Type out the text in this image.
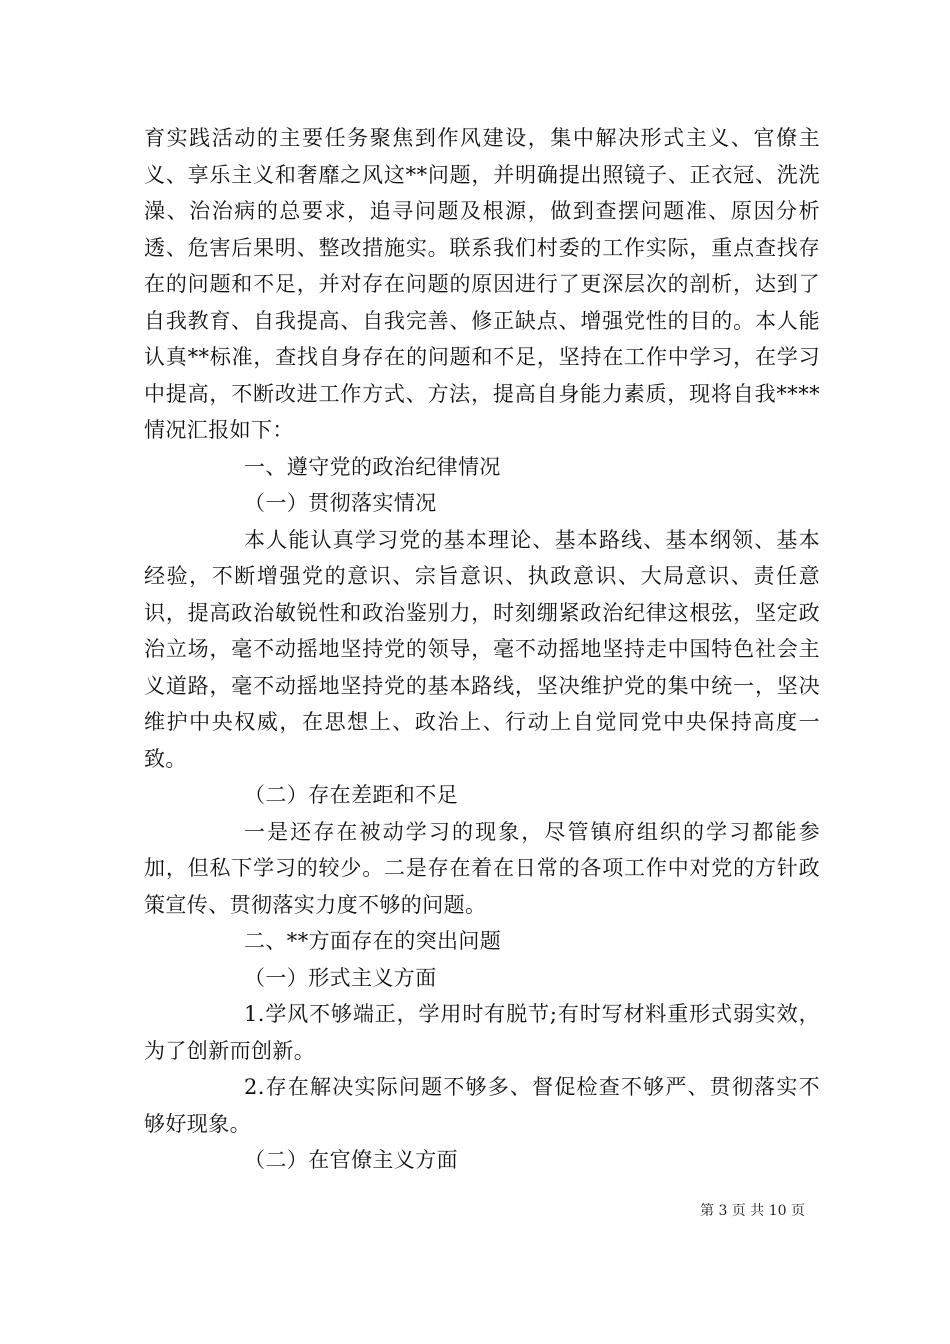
育实践活动的主要任务聚焦到作风建设，集中解决形式主义、官僚主义、享乐主义和奢靡之风这**问题，并明确提出照镜子、正衣冠、洗洗澡、治治病的总要求，追寻问题及根源，做到查摆问题准、原因分析透、危害后果明、整改措施实。联系我们村委的工作实际，重点查找存在的问题和不足，并对存在问题的原因进行了更深层次的剖析，达到了自我教育、自我提高、自我完善、修正缺点、增强党性的目的。本人能认真**标准，查找自身存在的问题和不足，坚持在工作中学习，在学习中提高，不断改进工作方式、方法，提高自身能力素质，现将自我****情况汇报如下：

一、遵守党的政治纪律情况

（一）贯彻落实情况

本人能认真学习党的基本理论、基本路线、基本纲领、基本经验，不断增强党的意识、宗旨意识、执政意识、大局意识、责任意识，提高政治敏锐性和政治鉴别力，时刻绷紧政治纪律这根弦，坚定政治立场，毫不动摇地坚持党的领导，毫不动摇地坚持走中国特色社会主义道路，毫不动摇地坚持党的基本路线，坚决维护党的集中统一，坚决维护中央权威，在思想上、政治上、行动上自觉同党中央保持高度一致。

（二）存在差距和不足

一是还存在被动学习的现象，尽管镇府组织的学习都能参加，但私下学习的较少。二是存在着在日常的各项工作中对党的方针政策宣传、贯彻落实力度不够的问题。

二、**方面存在的突出问题

（一）形式主义方面

1.学风不够端正，学用时有脱节;有时写材料重形式弱实效，为了创新而创新。

2.存在解决实际问题不够多、督促检查不够严、贯彻落实不够好现象。

（二）在官僚主义方面

第 3 页 共 10 页
